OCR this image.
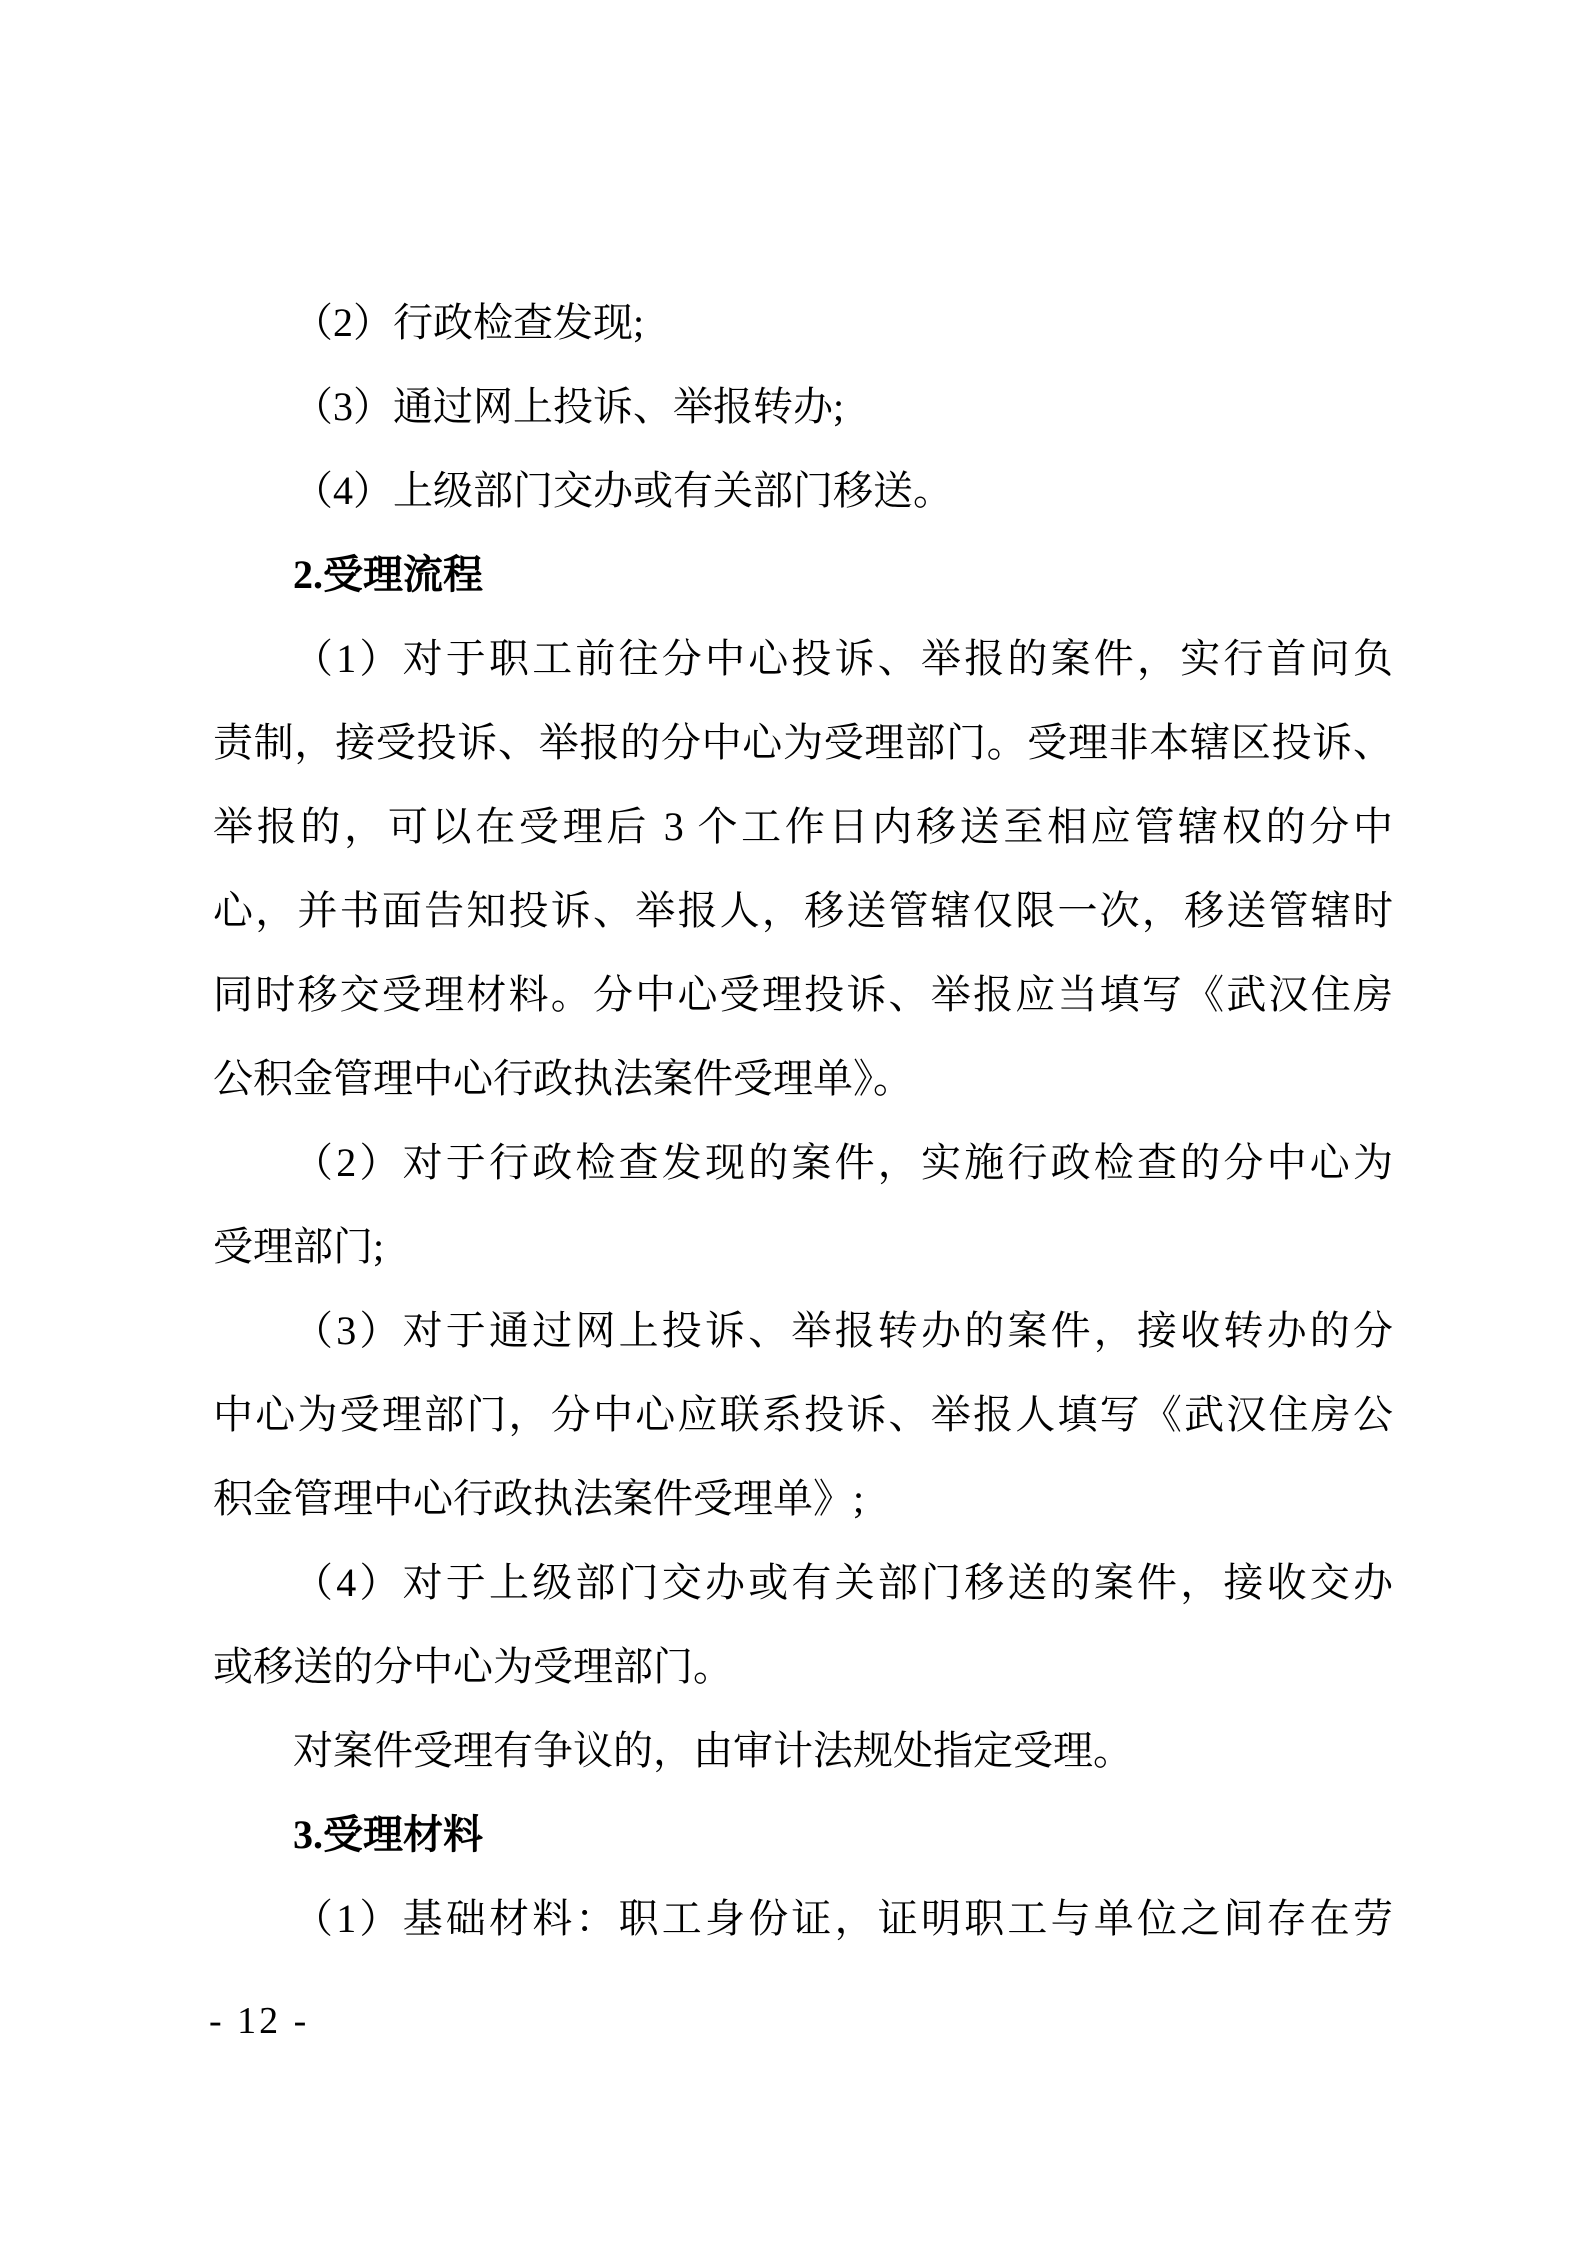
（2）行政检查发现;
（3）通过网上投诉、举报转办;
（4）上级部门交办或有关部门移送。
2.受理流程
（1）对于职工前往分中心投诉、举报的案件，实行首问负
责制，接受投诉、举报的分中心为受理部门。受理非本辖区投诉、
举报的，可以在受理后 3 个工作日内移送至相应管辖权的分中
心，并书面告知投诉、举报人，移送管辖仅限一次，移送管辖时
同时移交受理材料。分中心受理投诉、举报应当填写《武汉住房
公积金管理中心行政执法案件受理单》。
（2）对于行政检查发现的案件，实施行政检查的分中心为
受理部门;
（3）对于通过网上投诉、举报转办的案件，接收转办的分
中心为受理部门，分中心应联系投诉、举报人填写《武汉住房公
积金管理中心行政执法案件受理单》;
（4）对于上级部门交办或有关部门移送的案件，接收交办
或移送的分中心为受理部门。
对案件受理有争议的，由审计法规处指定受理。
3.受理材料
（1）基础材料：职工身份证，证明职工与单位之间存在劳
- 12 -
